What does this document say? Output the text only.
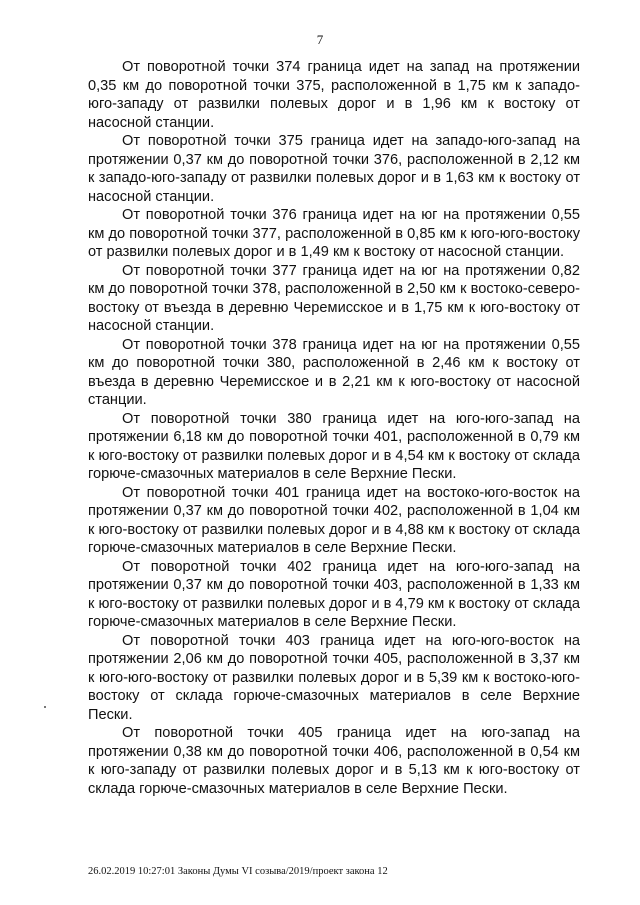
7

От поворотной точки 374 граница идет на запад на протяжении 0,35 км до поворотной точки 375, расположенной в 1,75 км к западо-юго-западу от развилки полевых дорог и в 1,96 км к востоку от насосной станции.

От поворотной точки 375 граница идет на западо-юго-запад на протяжении 0,37 км до поворотной точки 376, расположенной в 2,12 км к западо-юго-западу от развилки полевых дорог и в 1,63 км к востоку от насосной станции.

От поворотной точки 376 граница идет на юг на протяжении 0,55 км до поворотной точки 377, расположенной в 0,85 км к юго-юго-востоку от развилки полевых дорог и в 1,49 км к востоку от насосной станции.

От поворотной точки 377 граница идет на юг на протяжении 0,82 км до поворотной точки 378, расположенной в 2,50 км к востоко-северо-востоку от въезда в деревню Черемисское и в 1,75 км к юго-востоку от насосной станции.

От поворотной точки 378 граница идет на юг на протяжении 0,55 км до поворотной точки 380, расположенной в 2,46 км к востоку от въезда в деревню Черемисское и в 2,21 км к юго-востоку от насосной станции.

От поворотной точки 380 граница идет на юго-юго-запад на протяжении 6,18 км до поворотной точки 401, расположенной в 0,79 км к юго-востоку от развилки полевых дорог и в 4,54 км к востоку от склада горюче-смазочных материалов в селе Верхние Пески.

От поворотной точки 401 граница идет на востоко-юго-восток на протяжении 0,37 км до поворотной точки 402, расположенной в 1,04 км к юго-востоку от развилки полевых дорог и в 4,88 км к востоку от склада горюче-смазочных материалов в селе Верхние Пески.

От поворотной точки 402 граница идет на юго-юго-запад на протяжении 0,37 км до поворотной точки 403, расположенной в 1,33 км к юго-востоку от развилки полевых дорог и в 4,79 км к востоку от склада горюче-смазочных материалов в селе Верхние Пески.

От поворотной точки 403 граница идет на юго-юго-восток на протяжении 2,06 км до поворотной точки 405, расположенной в 3,37 км к юго-юго-востоку от развилки полевых дорог и в 5,39 км к востоко-юго-востоку от склада горюче-смазочных материалов в селе Верхние Пески.

От поворотной точки 405 граница идет на юго-запад на протяжении 0,38 км до поворотной точки 406, расположенной в 0,54 км к юго-западу от развилки полевых дорог и в 5,13 км к юго-востоку от склада горюче-смазочных материалов в селе Верхние Пески.

26.02.2019 10:27:01 Законы Думы VI созыва/2019/проект закона 12
